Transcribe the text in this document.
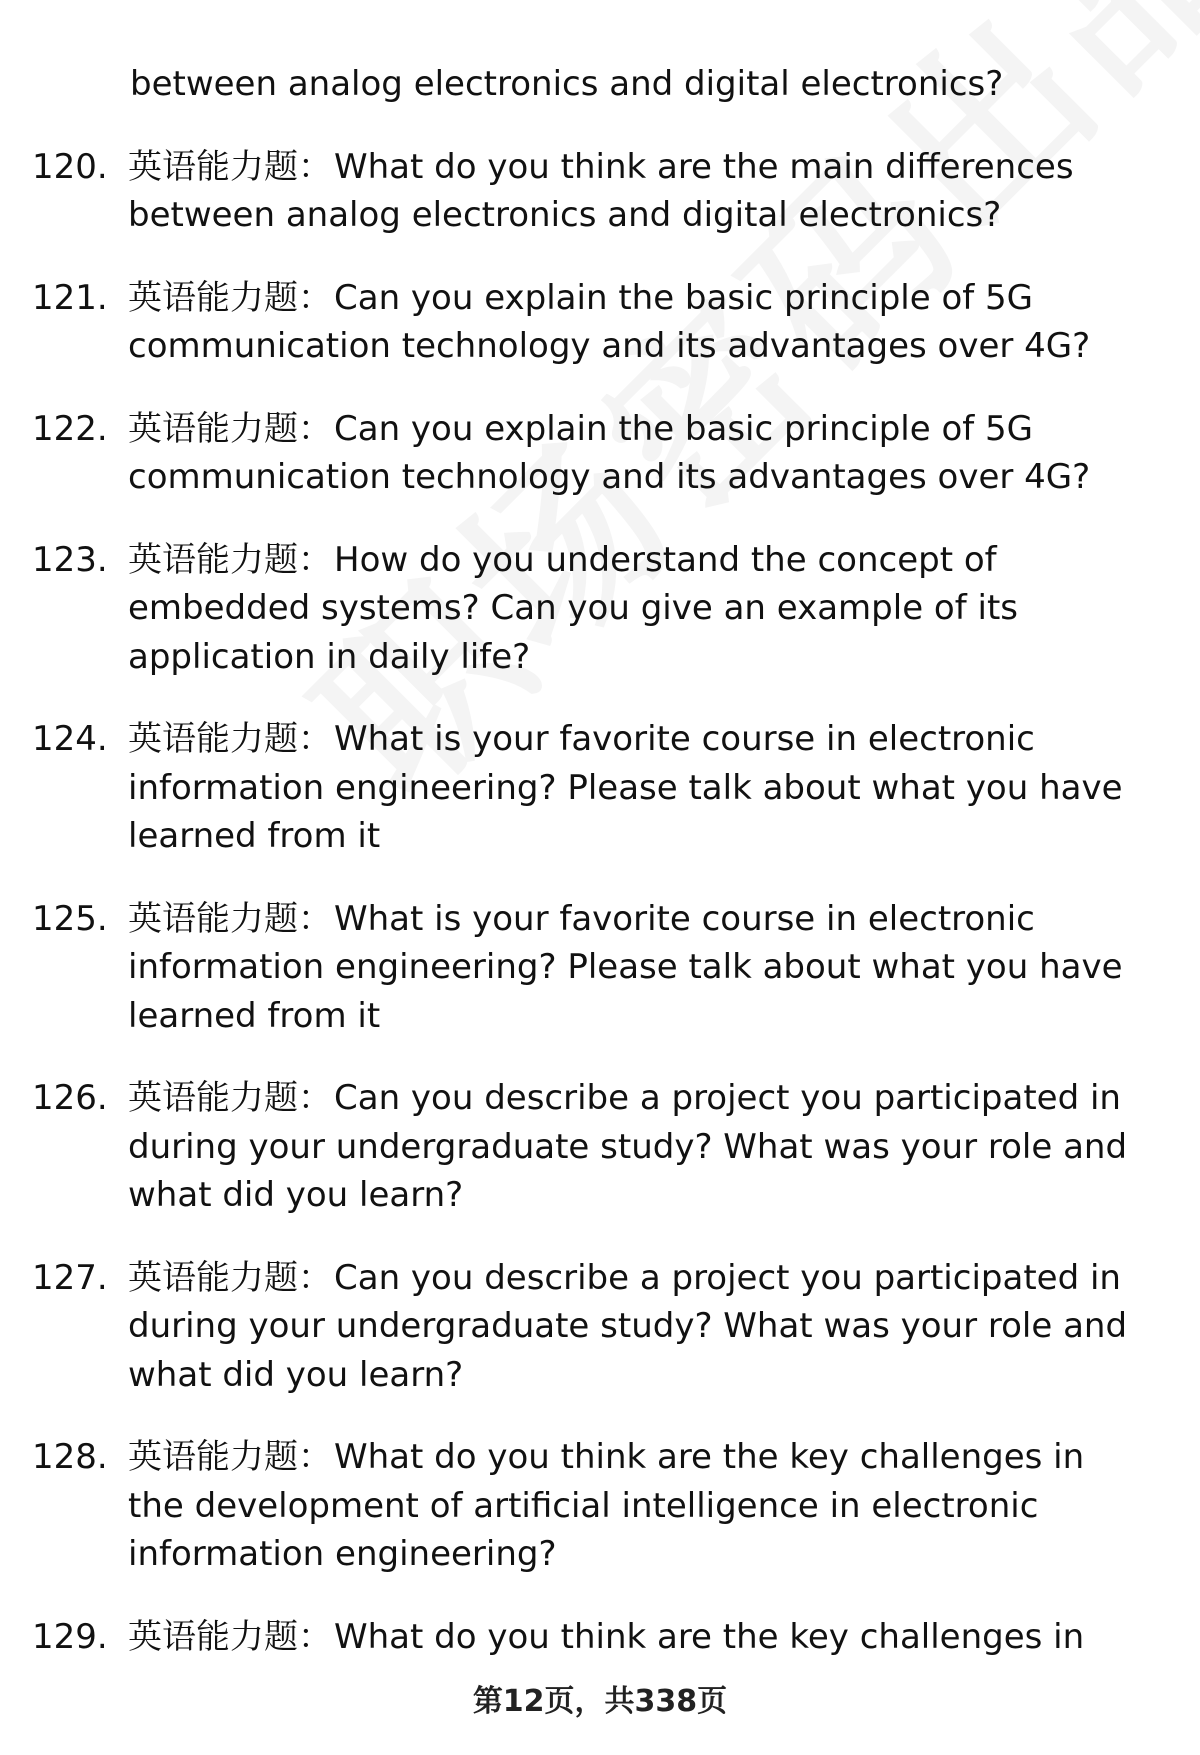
between analog electronics and digital electronics?
120. 英语能力题：What do you think are the main differences between analog electronics and digital electronics?
121. 英语能力题：Can you explain the basic principle of 5G communication technology and its advantages over 4G?
122. 英语能力题：Can you explain the basic principle of 5G communication technology and its advantages over 4G?
123. 英语能力题：How do you understand the concept of embedded systems? Can you give an example of its application in daily life?
124. 英语能力题：What is your favorite course in electronic information engineering? Please talk about what you have learned from it
125. 英语能力题：What is your favorite course in electronic information engineering? Please talk about what you have learned from it
126. 英语能力题：Can you describe a project you participated in during your undergraduate study? What was your role and what did you learn?
127. 英语能力题：Can you describe a project you participated in during your undergraduate study? What was your role and what did you learn?
128. 英语能力题：What do you think are the key challenges in the development of artificial intelligence in electronic information engineering?
129. 英语能力题：What do you think are the key challenges in
第12页，共338页
